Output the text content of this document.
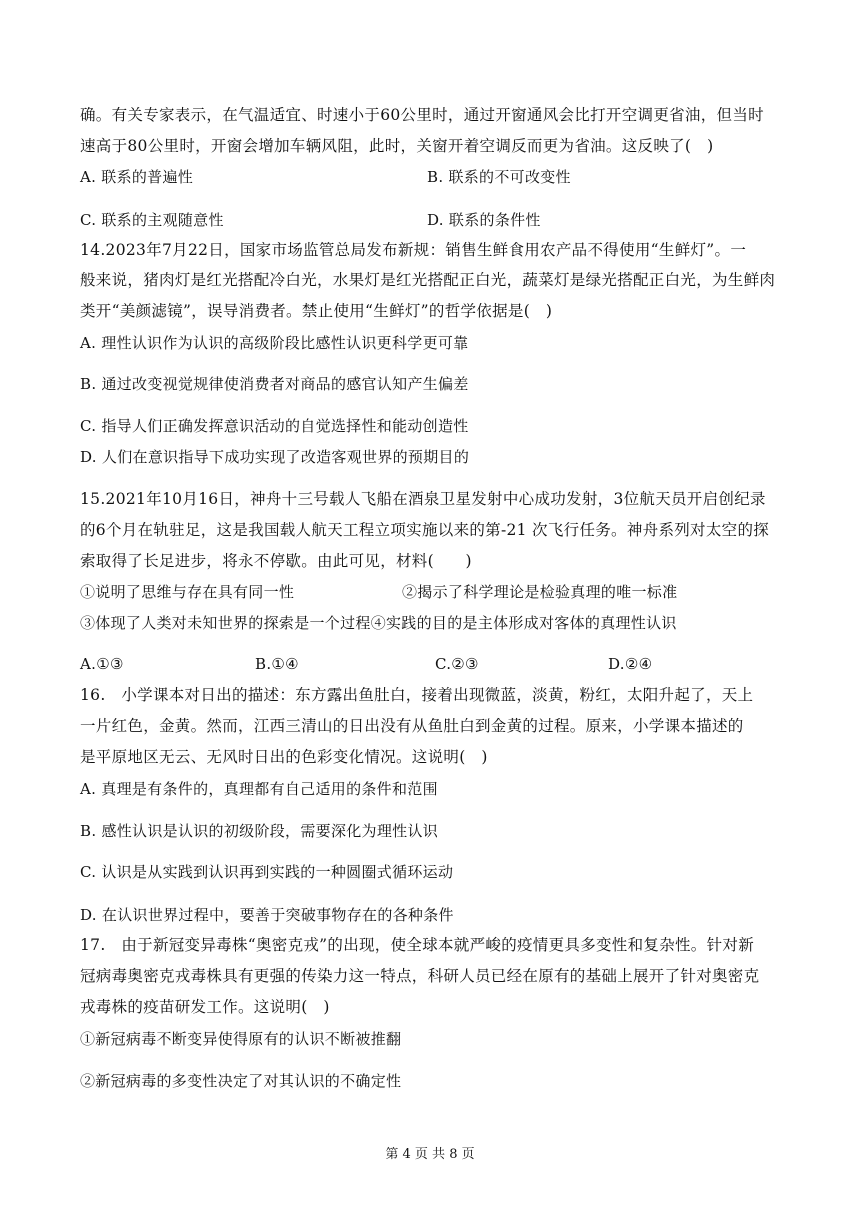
确。有关专家表示，在气温适宜、时速小于60公里时，通过开窗通风会比打开空调更省油，但当时
速高于80公里时，开窗会增加车辆风阻，此时，关窗开着空调反而更为省油。这反映了(　)
A. 联系的普遍性	B. 联系的不可改变性
C. 联系的主观随意性	D. 联系的条件性
14.2023年7月22日，国家市场监管总局发布新规：销售生鲜食用农产品不得使用“生鲜灯”。一
般来说，猪肉灯是红光搭配冷白光，水果灯是红光搭配正白光，蔬菜灯是绿光搭配正白光，为生鲜肉
类开“美颜滤镜”，误导消费者。禁止使用“生鲜灯”的哲学依据是(　)
A. 理性认识作为认识的高级阶段比感性认识更科学更可靠
B. 通过改变视觉规律使消费者对商品的感官认知产生偏差
C. 指导人们正确发挥意识活动的自觉选择性和能动创造性
D. 人们在意识指导下成功实现了改造客观世界的预期目的
15.2021年10月16日，神舟十三号载人飞船在酒泉卫星发射中心成功发射，3位航天员开启创纪录
的6个月在轨驻足，这是我国载人航天工程立项实施以来的第-21 次飞行任务。神舟系列对太空的探
索取得了长足进步，将永不停歇。由此可见，材料(　　)
①说明了思维与存在具有同一性	②揭示了科学理论是检验真理的唯一标准
③体现了人类对未知世界的探索是一个过程④实践的目的是主体形成对客体的真理性认识
A.①③	B.①④	C.②③	D.②④
16.　小学课本对日出的描述：东方露出鱼肚白，接着出现微蓝，淡黄，粉红，太阳升起了，天上
一片红色，金黄。然而，江西三清山的日出没有从鱼肚白到金黄的过程。原来，小学课本描述的
是平原地区无云、无风时日出的色彩变化情况。这说明(　)
A. 真理是有条件的，真理都有自己适用的条件和范围
B. 感性认识是认识的初级阶段，需要深化为理性认识
C. 认识是从实践到认识再到实践的一种圆圈式循环运动
D. 在认识世界过程中，要善于突破事物存在的各种条件
17.　由于新冠变异毒株“奥密克戎”的出现，使全球本就严峻的疫情更具多变性和复杂性。针对新
冠病毒奥密克戎毒株具有更强的传染力这一特点，科研人员已经在原有的基础上展开了针对奥密克
戎毒株的疫苗研发工作。这说明(　)
①新冠病毒不断变异使得原有的认识不断被推翻
②新冠病毒的多变性决定了对其认识的不确定性
第 4 页 共 8 页
